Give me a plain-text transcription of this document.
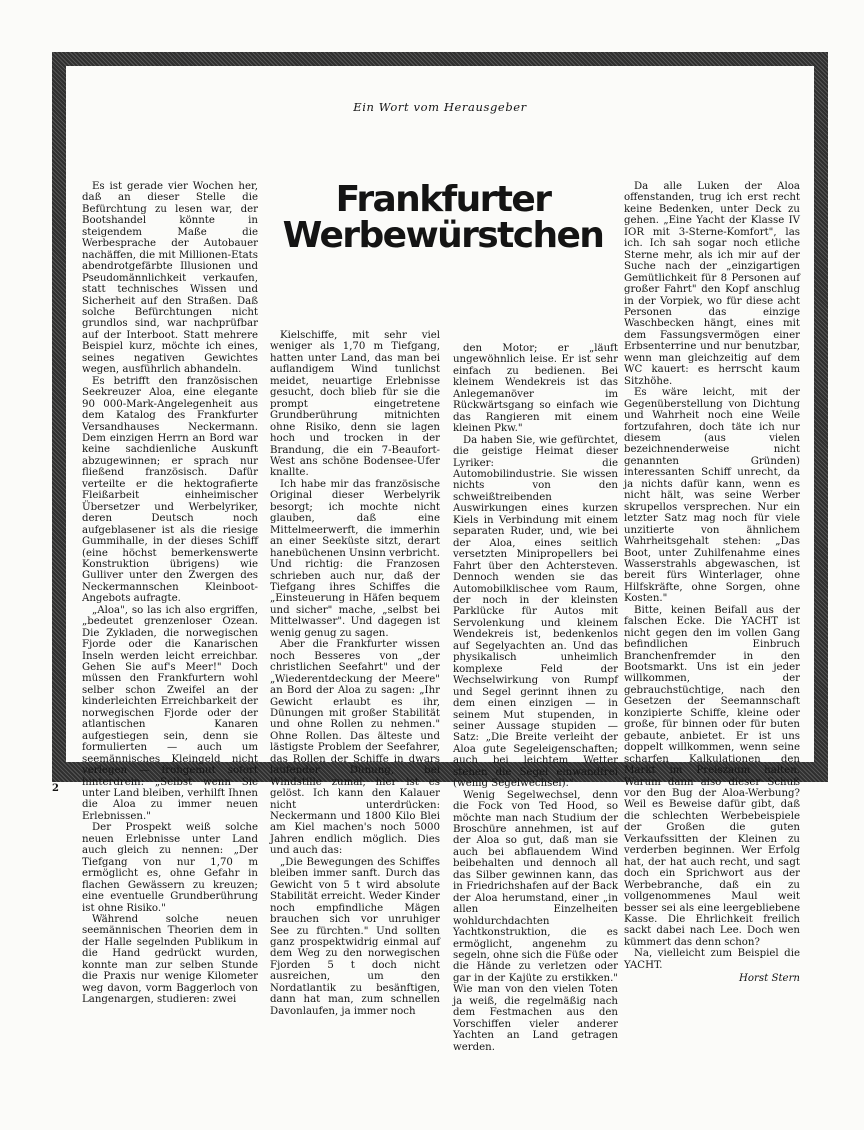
Ein Wort vom Herausgeber
Frankfurter
Werbewürstchen

Es ist gerade vier Wochen her, daß an dieser Stelle die Befürchtung zu lesen war, der Bootshandel könnte in steigendem Maße die Werbesprache der Autobauer nachäffen, die mit Millionen-Etats abendrotgefärbte Illusionen und Pseudomännlichkeit verkaufen, statt technisches Wissen und Sicherheit auf den Straßen. Daß solche Befürchtungen nicht grundlos sind, war nachprüfbar auf der Interboot. Statt mehrere Beispiel kurz, möchte ich eines, seines negativen Gewichtes wegen, ausführlich abhandeln.

Es betrifft den französischen Seekreuzer Aloa, eine elegante 90 000-Mark-Angelegenheit aus dem Katalog des Frankfurter Versandhauses Neckermann. Dem einzigen Herrn an Bord war keine sachdienliche Auskunft abzugewinnen; er sprach nur fließend französisch. Dafür verteilte er die hektografierte Fleißarbeit einheimischer Übersetzer und Werbelyriker, deren Deutsch noch aufgeblasener ist als die riesige Gummihalle, in der dieses Schiff (eine höchst bemerkenswerte Konstruktion übrigens) wie Gulliver unter den Zwergen des Neckermannschen Kleinboot-Angebots aufragte.

„Aloa", so las ich also ergriffen, „bedeutet grenzenloser Ozean. Die Zykladen, die norwegischen Fjorde oder die Kanarischen Inseln werden leicht erreichbar. Gehen Sie auf's Meer!" Doch müssen den Frankfurtern wohl selber schon Zweifel an der kinderleichten Erreichbarkeit der norwegischen Fjorde oder der atlantischen Kanaren aufgestiegen sein, denn sie formulierten — auch um seemännisches Kleingeld nicht verlegen — frohgemut sofort hinterdrein: „Selbst wenn Sie unter Land bleiben, verhilft Ihnen die Aloa zu immer neuen Erlebnissen."

Der Prospekt weiß solche neuen Erlebnisse unter Land auch gleich zu nennen: „Der Tiefgang von nur 1,70 m ermöglicht es, ohne Gefahr in flachen Gewässern zu kreuzen; eine eventuelle Grundberührung ist ohne Risiko."

Während solche neuen seemännischen Theorien dem in der Halle segelnden Publikum in die Hand gedrückt wurden, konnte man zur selben Stunde die Praxis nur wenige Kilometer weg davon, vorm Baggerloch von Langenargen, studieren: zwei

Kielschiffe, mit sehr viel weniger als 1,70 m Tiefgang, hatten unter Land, das man bei auflandigem Wind tunlichst meidet, neuartige Erlebnisse gesucht, doch blieb für sie die prompt eingetretene Grundberührung mitnichten ohne Risiko, denn sie lagen hoch und trocken in der Brandung, die ein 7-Beaufort-West ans schöne Bodensee-Ufer knallte.

Ich habe mir das französische Original dieser Werbelyrik besorgt; ich mochte nicht glauben, daß eine Mittelmeerwerft, die immerhin an einer Seeküste sitzt, derart hanebüchenen Unsinn verbricht. Und richtig: die Franzosen schrieben auch nur, daß der Tiefgang ihres Schiffes die „Einsteuerung in Häfen bequem und sicher" mache, „selbst bei Mittelwasser". Und dagegen ist wenig genug zu sagen.

Aber die Frankfurter wissen noch Besseres von „der christlichen Seefahrt" und der „Wiederentdeckung der Meere" an Bord der Aloa zu sagen: „Ihr Gewicht erlaubt es ihr, Dünungen mit großer Stabilität und ohne Rollen zu nehmen." Ohne Rollen. Das älteste und lästigste Problem der Seefahrer, das Rollen der Schiffe in dwars laufender Dünung, bei Windstille zumal, hier ist es gelöst. Ich kann den Kalauer nicht unterdrücken: Neckermann und 1800 Kilo Blei am Kiel machen's noch 5000 Jahren endlich möglich. Dies und auch das:

„Die Bewegungen des Schiffes bleiben immer sanft. Durch das Gewicht von 5 t wird absolute Stabilität erreicht. Weder Kinder noch empfindliche Mägen brauchen sich vor unruhiger See zu fürchten." Und sollten ganz prospektwidrig einmal auf dem Weg zu den norwegischen Fjorden 5 t doch nicht ausreichen, um den Nordatlantik zu besänftigen, dann hat man, zum schnellen Davonlaufen, ja immer noch

den Motor; er „läuft ungewöhnlich leise. Er ist sehr einfach zu bedienen. Bei kleinem Wendekreis ist das Anlegemanöver im Rückwärtsgang so einfach wie das Rangieren mit einem kleinen Pkw."

Da haben Sie, wie gefürchtet, die geistige Heimat dieser Lyriker: die Automobilindustrie. Sie wissen nichts von den schweißtreibenden Auswirkungen eines kurzen Kiels in Verbindung mit einem separaten Ruder, und, wie bei der Aloa, eines seitlich versetzten Minipropellers bei Fahrt über den Achtersteven. Dennoch wenden sie das Automobilklischee vom Raum, der noch in der kleinsten Parklücke für Autos mit Servolenkung und kleinem Wendekreis ist, bedenkenlos auf Segelyachten an. Und das physikalisch unheimlich komplexe Feld der Wechselwirkung von Rumpf und Segel gerinnt ihnen zu dem einen einzigen — in seinem Mut stupenden, in seiner Aussage stupiden — Satz: „Die Breite verleiht der Aloa gute Segeleigenschaften; auch bei leichtem Wetter stehen die Segel einwandfrei (wenig Segelwechsel)."

Wenig Segelwechsel, denn die Fock von Ted Hood, so möchte man nach Studium der Broschüre annehmen, ist auf der Aloa so gut, daß man sie auch bei abflauendem Wind beibehalten und dennoch all das Silber gewinnen kann, das in Friedrichshafen auf der Back der Aloa herumstand, einer „in allen Einzelheiten wohldurchdachten Yachtkonstruktion, die es ermöglicht, angenehm zu segeln, ohne sich die Füße oder die Hände zu verletzen oder gar in der Kajüte zu erstikken." Wie man von den vielen Toten ja weiß, die regelmäßig nach dem Festmachen aus den Vorschiffen vieler anderer Yachten an Land getragen werden.

Da alle Luken der Aloa offenstanden, trug ich erst recht keine Bedenken, unter Deck zu gehen. „Eine Yacht der Klasse IV IOR mit 3-Sterne-Komfort", las ich. Ich sah sogar noch etliche Sterne mehr, als ich mir auf der Suche nach der „einzigartigen Gemütlichkeit für 8 Personen auf großer Fahrt" den Kopf anschlug in der Vorpiek, wo für diese acht Personen das einzige Waschbecken hängt, eines mit dem Fassungsvermögen einer Erbsenterrine und nur benutzbar, wenn man gleichzeitig auf dem WC kauert: es herrscht kaum Sitzhöhe.

Es wäre leicht, mit der Gegenüberstellung von Dichtung und Wahrheit noch eine Weile fortzufahren, doch täte ich nur diesem (aus vielen bezeichnenderweise nicht genannten Gründen) interessanten Schiff unrecht, da ja nichts dafür kann, wenn es nicht hält, was seine Werber skrupellos versprechen. Nur ein letzter Satz mag noch für viele unzitierte von ähnlichem Wahrheitsgehalt stehen: „Das Boot, unter Zuhilfenahme eines Wasserstrahls abgewaschen, ist bereit fürs Winterlager, ohne Hilfskräfte, ohne Sorgen, ohne Kosten."

Bitte, keinen Beifall aus der falschen Ecke. Die YACHT ist nicht gegen den im vollen Gang befindlichen Einbruch Branchenfremder in den Bootsmarkt. Uns ist ein jeder willkommen, der gebrauchstüchtige, nach den Gesetzen der Seemannschaft konzipierte Schiffe, kleine oder große, für binnen oder für buten gebaute, anbietet. Er ist uns doppelt willkommen, wenn seine scharfen Kalkulationen den Markt im Preiszaum halten. Warum dann also dieser Schuß vor den Bug der Aloa-Werbung? Weil es Beweise dafür gibt, daß die schlechten Werbebeispiele der Großen die guten Verkaufssitten der Kleinen zu verderben beginnen. Wer Erfolg hat, der hat auch recht, und sagt doch ein Sprichwort aus der Werbebranche, daß ein zu vollgenommenes Maul weit besser sei als eine leergebliebene Kasse. Die Ehrlichkeit freilich sackt dabei nach Lee. Doch wen kümmert das denn schon?

Na, vielleicht zum Beispiel die YACHT.

Horst Stern
2
